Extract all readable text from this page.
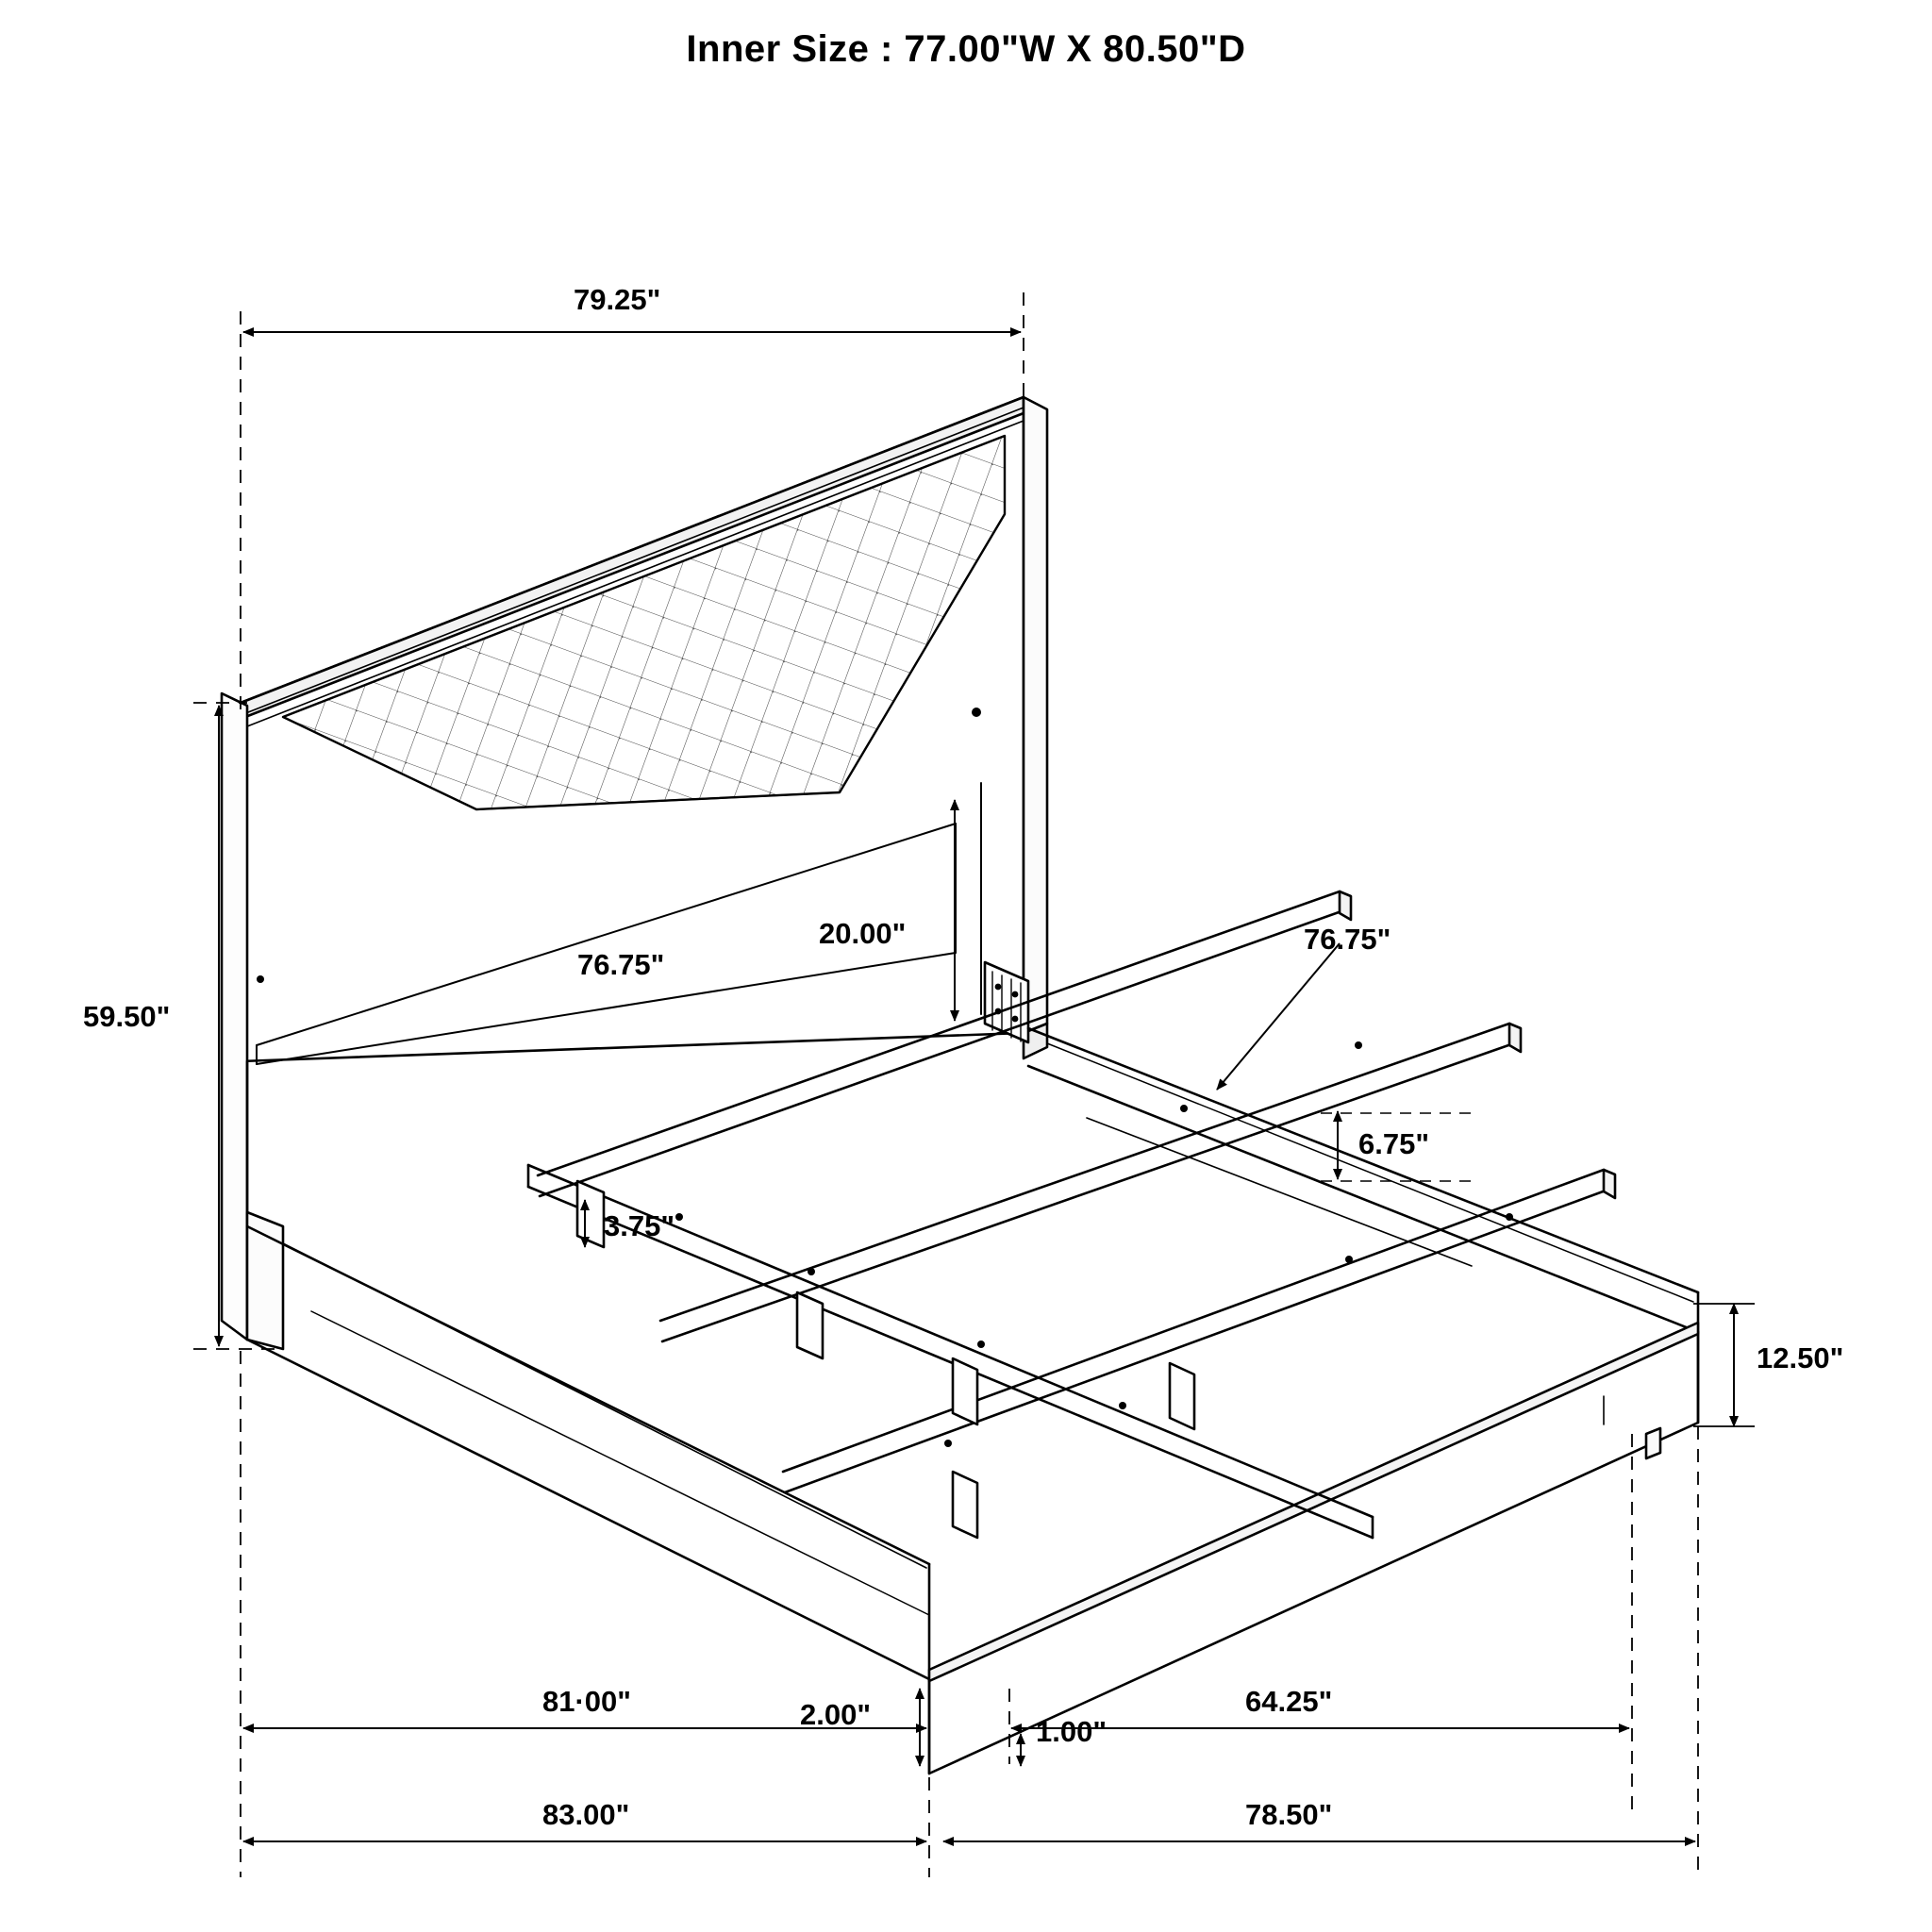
Inner Size : 77.00"W X 80.50"D
79.25"
59.50"
76.75"
20.00"	76.75"
6.75"
3.75"
12.50"
2.00"
1.00"
81·00"	64.25"
83.00"	78.50"
